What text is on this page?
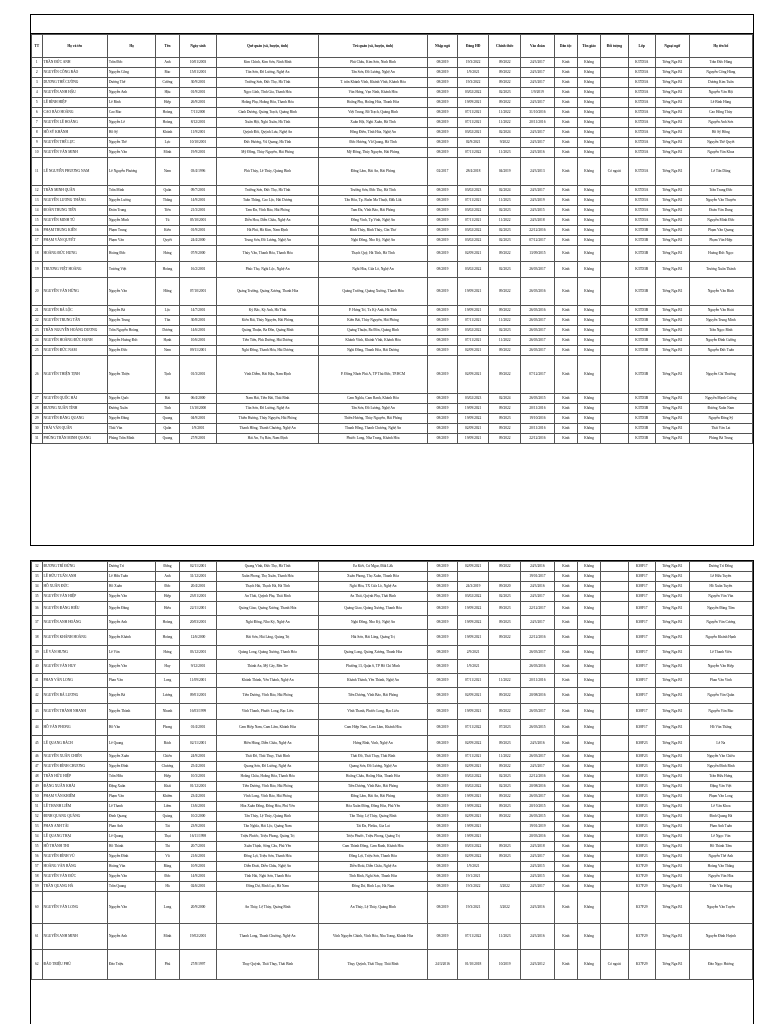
TT	Họ và tên	Họ	Tên	Ngày sinh	Quê quán (xã, huyện, tỉnh)	Trú quán (xã, huyện, tỉnh)	Nhập ngũ	Đảng HĐ	Chính thức	Vào đoàn	Dân tộc	Tôn giáo	Đối tượng	Lớp	Ngoại ngữ	Họ tên bố
1	TRẦN ĐỨC ANH	Trần Đức	Anh	10/01/2003	Kim Chính, Kim Sơn, Ninh Bình	Phú Châu, Kim Sơn, Ninh Bình	08/2019	19/3/2022	09/2022	24/3/2017	Kinh	Không		K37D3A	Tiếng Nga B1	Trần Đức Hùng
2	NGUYỄN CÔNG BẢO	Nguyễn Công	Bảo	15/01/2001	Tân Sơn, Đô Lương, Nghệ An	Tân Sơn, Đô Lương, Nghệ An	08/2019	1/9/2021	09/2022	24/3/2017	Kinh	Không		K37D3A	Tiếng Nga B1	Nguyễn Công Hùng
3	DƯƠNG THẾ CƯỜNG	Dương Thế	Cường	30/9/2001	Trường Sơn, Đức Thọ, Hà Tĩnh	T. trấn Khánh Vĩnh, Khánh Vĩnh, Khánh Hòa	08/2019	19/3/2022	09/2022	24/3/2017	Kinh	Không		K37D3A	Tiếng Nga B1	Dương Kim Tuấn
4	NGUYỄN ANH HẬU	Nguyễn Anh	Hậu	01/9/2001	Ngọc Lĩnh, Tĩnh Gia, Thanh Hóa	Văn Hưng, Vạn Ninh, Khánh Hòa	08/2019	03/02/2022	02/2023	1/9/2019	Kinh	Không		K37D3A	Tiếng Nga B1	Nguyễn Văn Hội
5	LÊ BÌNH HIỆP	Lê Bình	Hiệp	26/9/2001	Hoằng Phụ, Hoằng Hóa, Thanh Hóa	Hoằng Phụ, Hoằng Hóa, Thanh Hóa	08/2019	19/09/2021	09/2022	24/3/2017	Kinh	Không		K37D3A	Tiếng Nga B1	Lê Bình Hùng
6	CAO BẢO HOÀNG	Cao Bảo	Hoàng	7/11/2000	Cảnh Dương, Quảng Trạch, Quảng Bình	Việt Trung, Bố Trạch, Quảng Bình	08/2019	07/11/2021	11/2022	31/10/2016	Kinh	Không		K37D3A	Tiếng Nga B1	Cao Hồng Thủy
7	NGUYỄN LÊ HOÀNG	Nguyễn Lê	Hoàng	8/12/2001	Xuân Hội, Nghi Xuân, Hà Tĩnh	Xuân Hội, Nghi Xuân, Hà Tĩnh	08/2019	07/11/2021	11/2022	20/11/2016	Kinh	Không		K37D3A	Tiếng Nga B1	Nguyễn Anh Sơn
8	HỒ SỸ KHÁNH	Hồ Sỹ	Khánh	11/9/2001	Quỳnh Đôi, Quỳnh Lưu, Nghệ An	Hồng Điền, Tĩnh Hóa, Nghệ An	08/2019	03/02/2021	02/2024	24/3/2017	Kinh	Không		K37D3A	Tiếng Nga B1	Hồ Sỹ Hồng
9	NGUYỄN THẾ LỰC	Nguyễn Thế	Lực	10/10/2001	Đức Hương, Vũ Quang, Hà Tĩnh	Đức Hương, Vũ Quang, Hà Tĩnh	08/2019	02/9/2021	9/2022	24/3/2017	Kinh	Không		K37D3A	Tiếng Nga B1	Nguyễn Thế Quyết
10	NGUYỄN VĂN MINH	Nguyễn Văn	Minh	19/9/2001	Mỹ Đồng, Thủy Nguyên, Hải Phòng	Mỹ Đồng, Thủy Nguyên, Hải Phòng	08/2019	07/11/2022	11/2023	24/3/2016	Kinh	Không		K37D3A	Tiếng Nga B1	Nguyễn Văn Khoa
11	LÊ NGUYỄN PHƯƠNG NAM	Lê Nguyễn Phương	Nam	03/4/1996	Phù Thủy, Lê Thủy, Quảng Bình	Đằng Lâm, Hải An, Hải Phòng	02/2017	28/4/2018	04/2019	24/3/2013	Kinh	Không	Có ngoài	K37D3A	Tiếng Nga B1	Lê Tấn Dũng
12	TRẦN MINH QUÂN	Trần Minh	Quân	09/7/2001	Trường Sơn, Đức Thọ, Hà Tĩnh	Trường Sơn, Đức Thọ, Hà Tĩnh	08/2019	03/02/2023	02/2024	24/3/2017	Kinh	Không		K37D3A	Tiếng Nga B1	Trần Trung Đức
13	NGUYỄN LƯƠNG THẮNG	Nguyễn Lương	Thắng	14/9/2001	Tuân Thắng, Cao Lộc, Hải Dương	Tân Hòa, Tp. Buôn Ma Thuột, Đắk Lắk	08/2019	07/11/2021	11/2023	24/3/2019	Kinh	Không		K37D3A	Tiếng Nga B1	Nguyễn Văn Thuyên
14	ĐOÀN TRUNG TIẾN	Đoàn Trung	Tiến	21/3/2001	Tam Đa, Vĩnh Bảo, Hải Phòng	Tam Đa, Vĩnh Bảo, Hải Phòng	08/2019	03/02/2022	02/2023	24/3/2015	Kinh	Không		K37D3A	Tiếng Nga B1	Đoàn Văn Dung
15	NGUYỄN MINH TÚ	Nguyễn Minh	Tú	05/10/2001	Diễn Hoa, Diễn Châu, Nghệ An	Đông Vinh, Tp Vinh, Nghệ An	08/2019	07/11/2021	11/2022	24/3/2018	Kinh	Không		K37D3A	Tiếng Nga B1	Nguyễn Minh Đức
16	PHẠM TRUNG KIÊN	Phạm Trung	Kiên	01/9/2001	Hà Phú, Hà Kim, Nam Định	Bình Thủy, Bình Thủy, Cần Thơ	08/2019	03/02/2022	02/2023	22/12/2016	Kinh	Không		K37D3B	Tiếng Nga B1	Phạm Văn Quang
17	PHẠM VĂN QUYẾT	Phạm Văn	Quyết	24/4/2000	Trung Sơn, Đô Lương, Nghệ An	Nghi Đồng, Nho Kỳ, Nghệ An	08/2019	03/02/2022	02/2023	07/12/2017	Kinh	Không		K37D3B	Tiếng Nga B1	Phạm Văn Hiệp
18	HOÀNG ĐỨC HƯNG	Hoàng Đức	Hưng	07/9/2000	Thủy Vân, Thanh Hóa, Thanh Hóa	Thạch Quý, Hà Tĩnh, Hà Tĩnh	08/2019	02/09/2021	09/2022	13/09/2015	Kinh	Không		K37D3B	Tiếng Nga B1	Hoàng Đức Ngọc
19	TRƯƠNG VIỆT HOÀNG	Trương Việt	Hoàng	16/2/2001	Phúc Thọ, Nghi Lộc, Nghệ An	Nghi Hòa, Cửa Lò, Nghệ An	08/2019	03/02/2022	02/2023	26/03/2017	Kinh	Không		K37D3B	Tiếng Nga B1	Trương Xuân Thành
20	NGUYỄN VĂN HỪNG	Nguyễn Văn	Hừng	07/10/2001	Quảng Trường, Quảng Xương, Thanh Hóa	Quảng Trường, Quảng Xương, Thanh Hóa	08/2019	19/09/2021	09/2022	26/03/2016	Kinh	Không		K37D3B	Tiếng Nga B1	Nguyễn Văn Bình
21	NGUYỄN BÁ LỘC	Nguyễn Bá	Lộc	14/7/2001	Kỳ Bắc, Kỳ Anh, Hà Tĩnh	P. Hưng Trí, Tx Kỳ Anh, Hà Tĩnh	08/2019	19/09/2021	09/2022	26/03/2016	Kinh	Không		K37D3B	Tiếng Nga B1	Nguyễn Văn Hoài
22	NGUYỄN TRUNG TÂN	Nguyễn Trung	Tân	30/8/2001	Kiến Bái, Thủy Nguyên, Hải Phòng	Kiến Bái, Thủy Nguyên, Hải Phòng	08/2019	07/11/2021	11/2022	26/03/2017	Kinh	Không		K37D3B	Tiếng Nga B1	Nguyễn Trung Minh
23	TRẦN NGUYỄN HOÀNG DƯƠNG	Trần Nguyễn Hoàng	Dương	14/6/2001	Quảng Thuận, Ba Đồn, Quảng Bình	Quảng Thuận, Ba Đồn, Quảng Bình	08/2019	03/02/2022	02/2023	26/03/2017	Kinh	Không		K37D3B	Tiếng Nga B1	Trần Ngọc Bình
24	NGUYỄN HOÀNG ĐỨC HẠNH	Nguyễn Hoàng Đức	Hạnh	10/6/2001	Tiên Tiến, Phù Dương, Hải Dương	Khánh Vĩnh, Khánh Vĩnh, Khánh Hòa	08/2019	07/11/2021	11/2022	26/03/2017	Kinh	Không		K37D3B	Tiếng Nga B1	Nguyễn Đình Cường
25	NGUYỄN ĐỨC NAM	Nguyễn Đức	Nam	09/11/2001	Nghi Đồng, Thanh Hóa, Hải Dương	Nghi Đồng, Thanh Hóa, Hải Dương	08/2019	02/09/2021	09/2022	26/03/2017	Kinh	Không		K37D3B	Tiếng Nga B1	Nguyễn Đức Tuấn
26	NGUYỄN THIỆN TỊNH	Nguyễn Thiện	Tịnh	01/3/2001	Vinh Diễm, Hải Hậu, Nam Định	P. Đông Nhơn Phú A, TP Thủ Đức, TP.HCM	08/2019	02/09/2021	09/2022	07/12/2017	Kinh	Không		K37D3B	Tiếng Nga B1	Nguyễn Chí Thương
27	NGUYỄN QUỐC HẢI	Nguyễn Quốc	Hải	06/4/2000	Nam Hải, Tiền Hải, Thái Bình	Cam Nghĩa, Cam Ranh, Khánh Hòa	08/2019	03/02/2023	02/2024	26/03/2015	Kinh	Không		K37D3B	Tiếng Nga B1	Nguyễn Mạnh Cường
28	ĐƯƠNG XUÂN TÍNH	Đương Xuân	Tính	13/10/2000	Tân Sơn, Đô Lương, Nghệ An	Tân Sơn, Đô Lương, Nghệ An	08/2019	19/09/2021	09/2022	20/11/2016	Kinh	Không		K37D3B	Tiếng Nga B1	Đương Xuân Nam
29	NGUYỄN ĐĂNG QUANG	Nguyễn Đăng	Quang	04/9/2001	Thiên Hương, Thủy Nguyên, Hải Phòng	Thiên Hương, Thủy Nguyên, Hải Phòng	08/2019	19/09/2022	09/2023	19/10/2016	Kinh	Không		K37D3B	Tiếng Nga B1	Nguyễn Đăng Sỹ
30	THÁI VĂN QUÂN	Thái Văn	Quân	1/9/2001	Thanh Hồng, Thanh Chương, Nghệ An	Thanh Hồng, Thanh Chương, Nghệ An	08/2019	02/09/2021	09/2022	20/11/2016	Kinh	Không		K37D3B	Tiếng Nga B1	Thái Văn Lai
31	PHÙNG TRẦN MINH QUANG	Phùng Trần Minh	Quang	27/9/2001	Hải An, Vụ Bản, Nam Định	Phước Long, Nha Trang, Khánh Hòa	08/2019	19/09/2021	09/2022	22/12/2016	Kinh	Không		K37D3B	Tiếng Nga B1	Phùng Bá Trung
32	ĐƯƠNG TRÍ ĐỨNG	Dương Trí	Đứng	02/11/2001	Quang Vĩnh, Đức Thọ, Hà Tĩnh	Ea Kiết, Cư Mgar, Đắk Lắk	08/2019	02/09/2021	09/2022	24/3/2016	Kinh	Không		K38F17	Tiếng Nga B1	Dương Trí Đông
33	LÊ HỮU TUẤN ANH	Lê Hữu Tuấn	Anh	31/12/2001	Xuân Phong, Thọ Xuân, Thanh Hóa	Xuân Phong, Thọ Xuân, Thanh Hóa	08/2019			19/01/2017	Kinh	Không		K38F17	Tiếng Nga B1	Lê Hữu Tuyến
34	HỒ XUÂN ĐỨC	Hồ Xuân	Đức	20/4/2001	Thạch Hải, Thạch Hà, Hà Tĩnh	Nghi Hòa, TX Cửa Lò, Nghệ An	08/2019	24/3/2019	09/2020	24/3/2016	Kinh	Không		K38F17	Tiếng Nga B1	Hồ Xuân Tuyến
35	NGUYỄN VĂN HIỆP	Nguyễn Văn	Hiệp	23/01/2001	An Thái, Quỳnh Phụ, Thái Bình	An Thái, Quỳnh Phụ, Thái Bình	08/2019	03/02/2022	02/2023	24/3/2017	Kinh	Không		K38F17	Tiếng Nga B1	Nguyễn Văn Văn
36	NGUYỄN ĐĂNG HIẾU	Nguyễn Đăng	Hiếu	22/11/2001	Quảng Giao, Quảng Xương, Thanh Hóa	Quảng Giao, Quảng Xương, Thanh Hóa	08/2019	19/09/2022	09/2023	22/12/2017	Kinh	Không		K38F17	Tiếng Nga B1	Nguyễn Đăng Tâm
37	NGUYỄN ANH HOÀNG	Nguyễn Anh	Hoàng	20/03/2001	Nghi Đồng, Nho Kỳ, Nghệ An	Nghi Đồng, Nho Kỳ, Nghệ An	08/2019	19/09/2022	09/2023	24/3/2017	Kinh	Không		K38F17	Tiếng Nga B1	Nguyễn Văn Cương
38	NGUYỄN KHÁNH HOÀNG	Nguyễn Khánh	Hoàng	12/6/2000	Hải Sơn, Hải Lăng, Quảng Trị	Hải Sơn, Hải Lăng, Quảng Trị	08/2019	19/09/2021	09/2022	22/12/2016	Kinh	Không		K38F17	Tiếng Nga B1	Nguyễn Khánh Hạnh
39	LÊ VĂN HƯNG	Lê Văn	Hưng	03/12/2001	Quảng Long, Quảng Xương, Thanh Hóa	Quảng Long, Quảng Xương, Thanh Hóa	08/2019	2/9/2021		26/03/2017	Kinh	Không		K38F17	Tiếng Nga B1	Lê Thanh Viên
40	NGUYỄN VĂN HUY	Nguyễn Văn	Huy	9/12/2001	Thành An, Mỹ Cày, Bến Tre	Phường 13, Quận 6, TP Hồ Chí Minh	08/2019	1/9/2021		26/03/2016	Kinh	Không		K38F17	Tiếng Nga B1	Nguyễn Văn Hiệp
41	PHAN VĂN LONG	Phan Văn	Long	11/09/2001	Khánh Thành, Yên Thành, Nghệ An	Khánh Thành, Yên Thành, Nghệ An	08/2019	07/11/2021	11/2022	20/11/2016	Kinh	Không		K38F17	Tiếng Nga B1	Phan Văn Vinh
42	NGUYỄN BÁ LƯƠNG	Nguyễn Bá	Lương	09/01/2001	Tiền Dương, Vĩnh Bảo, Hải Phòng	Tiền Dương, Vĩnh Bảo, Hải Phòng	08/2019	02/09/2021	09/2022	20/08/2016	Kinh	Không		K38F17	Tiếng Nga B1	Nguyễn Văn Quân
43	NGUYỄN THÀNH NHANH	Nguyễn Thành	Nhanh	16/03/1999	Vĩnh Thanh, Phước Long, Bạc Liêu	Vĩnh Thanh, Phước Long, Bạc Liêu	08/2019	19/09/2021	09/2022	26/03/2017	Kinh	Không		K38F17	Tiếng Nga B1	Nguyễn Văn Bảo
44	HỒ VĂN PHONG	Hồ Văn	Phong	01/4/2001	Cam Hiệp Nam, Cam Lâm, Khánh Hòa	Cam Hiệp Nam, Cam Lâm, Khánh Hòa	08/2019	07/11/2022	07/2023	26/03/2015	Kinh	Không		K38F17	Tiếng Nga B1	Hồ Văn Thắng
45	LÊ QUANG BÁCH	Lê Quang	Bách	02/11/2001	Hiền Hùng, Diễn Châu, Nghệ An	Hưng Bình, Vinh, Nghệ An	08/2019	02/09/2022	09/2023	24/3/2016	Kinh	Không		K38F23	Tiếng Nga B1	Lê Na
46	NGUYỄN XUÂN CHIẾN	Nguyễn Xuân	Chiến	24/9/2001	Thái Đô, Thái Thụy, Thái Bình	Thái Đô, Thái Thụy, Thái Bình	08/2019	07/11/2021	11/2022	26/03/2017	Kinh	Không		K38F23	Tiếng Nga B1	Nguyễn Văn Chiều
47	NGUYỄN ĐÌNH CHƯƠNG	Nguyễn Đình	Chương	25/4/2001	Quang Sơn, Đô Lương, Nghệ An	Quang Sơn, Đô Lương, Nghệ An	08/2019	02/09/2021	09/2022	24/3/2017	Kinh	Không		K38F23	Tiếng Nga B1	Nguyễn Đình Bình
48	TRẦN HỮU HIỆP	Trần Hữu	Hiệp	10/3/2001	Hoằng Châu, Hoằng Hóa, Thanh Hóa	Hoằng Châu, Hoằng Hóa, Thanh Hóa	08/2019	03/02/2022	02/2023	22/12/2016	Kinh	Không		K38F23	Tiếng Nga B1	Trần Hữu Hưng
49	ĐẶNG XUÂN KHẢI	Đặng Xuân	Khải	01/12/2001	Tiền Dương, Vĩnh Bảo, Hải Phòng	Tiền Dương, Vĩnh Bảo, Hải Phòng	08/2019	03/02/2022	02/2023	20/08/2016	Kinh	Không		K38F23	Tiếng Nga B1	Đặng Văn Việt
50	PHẠM VĂN KHIÊM	Phạm Văn	Khiêm	23/4/2001	Vĩnh Long, Vĩnh Bảo, Hải Phòng	Đằng Lâm, Hải An, Hải Phòng	08/2019	19/09/2021	09/2022	26/03/2017	Kinh	Không		K38F23	Tiếng Nga B1	Phạm Văn Long
51	LÊ THANH LIÊM	Lê Thanh	Liêm	13/6/2001	Hòa Xuân Đông, Đông Hòa, Phú Yên	Hòa Xuân Đông, Đông Hòa, Phú Yên	08/2019	19/09/2022	09/2023	20/10/2015	Kinh	Không		K38F23	Tiếng Nga B1	Lê Văn Khoa
52	ĐINH QUANG QUẢNG	Đinh Quang	Quảng	10/2/2000	Tân Thủy, Lệ Thủy, Quảng Bình	Tân Thủy, Lệ Thủy, Quảng Bình	08/2019	02/09/2021	09/2022	26/03/2015	Kinh	Không		K38F23	Tiếng Nga B1	Đinh Quang Hà
53	PHAN ANH TÀI	Phan Anh	Tài	23/9/2001	Tân Nghĩa, Hải Lộc, Quảng Nam	Tài Đa, Pleiku, Gia Lai	08/2019	19/09/2021		19/01/2019	Kinh	Không		K38F23	Tiếng Nga B1	Phan Anh Tuấn
54	LÊ QUANG THẠI	Lê Quang	Thại	16/11/1998	Triệu Phước, Triệu Phong, Quảng Trị	Triệu Phước, Triệu Phong, Quảng Trị	08/2019	19/09/2021		20/03/2016	Kinh	Không		K38F23	Tiếng Nga B1	Lê Ngọc Văn
55	HỒ THÀNH THI	Hồ Thành	Thi	20/7/2001	Xuân Thịnh, Sông Cầu, Phú Yên	Cam Thành Đông, Cam Ranh, Khánh Hòa	08/2019	03/03/2022	09/2023	24/3/2018	Kinh	Không		K38F23	Tiếng Nga B1	Hồ Thành Tâm
56	NGUYỄN ĐÌNH VŨ	Nguyễn Đình	Vũ	21/6/2001	Đồng Lợi, Triệu Sơn, Thanh Hóa	Đồng Lợi, Triệu Sơn, Thanh Hóa	08/2019	02/09/2022	09/2023	24/3/2017	Kinh	Không		K38F23	Tiếng Nga B1	Nguyễn Thế Anh
57	HOÀNG VĂN BẰNG	Hoàng Văn	Bằng	10/9/2001	Diễn Đoài, Diễn Châu, Nghệ An	Diễn Đoài, Diễn Châu, Nghệ An	08/2019	1/9/2021		24/3/2015	Kinh	Không		K37F29	Tiếng Nga B1	Hoàng Văn Thắng
58	NGUYỄN VĂN ĐỨC	Nguyễn Văn	Đức	14/9/2001	Tĩnh Hải, Nghi Sơn, Thanh Hóa	Tĩnh Bình, Nghi Sơn, Thanh Hóa	08/2019	19/1/2021		24/3/2015	Kinh	Không		K37F29	Tiếng Nga B1	Nguyễn Văn Hòa
59	TRẦN QUANG HÀ	Trần Quang	Hà	02/6/2001	Đông Dư, Bình Lục, Hà Nam	Đông Dư, Bình Lục, Hà Nam	08/2019	19/3/2022	3/2022	24/3/2017	Kinh	Không		K37F29	Tiếng Nga B1	Trần Văn Hùng
60	NGUYỄN VĂN LONG	Nguyễn Văn	Long	20/9/2000	An Thủy, Lệ Thủy, Quảng Bình	An Thủy, Lệ Thủy, Quảng Bình	08/2019	19/3/2021	3/2022	24/3/2016	Kinh	Không		K37F29	Tiếng Nga B1	Nguyễn Văn Tuyên
61	NGUYỄN ANH MINH	Nguyễn Anh	Minh	19/02/2001	Thanh Long, Thanh Chương, Nghệ An	Vĩnh Nguyễn Chính, Vĩnh Hòa, Nha Trang, Khánh Hòa	08/2019	07/11/2022	11/2023	24/3/2016	Kinh	Không		K37F29	Tiếng Nga B1	Nguyễn Đình Huỳnh
62	ĐÀO TRIỆU PHÚ	Đào Triệu	Phú	27/8/1997	Thụy Quỳnh, Thái Thụy, Thái Bình	Thụy Quỳnh, Thái Thụy, Thái Bình	24/3/2016	01/10/2018	10/2019	24/3/2012	Kinh	Không	Có ngoài	K37F29	Tiếng Nga B1	Đào Ngọc Hương
